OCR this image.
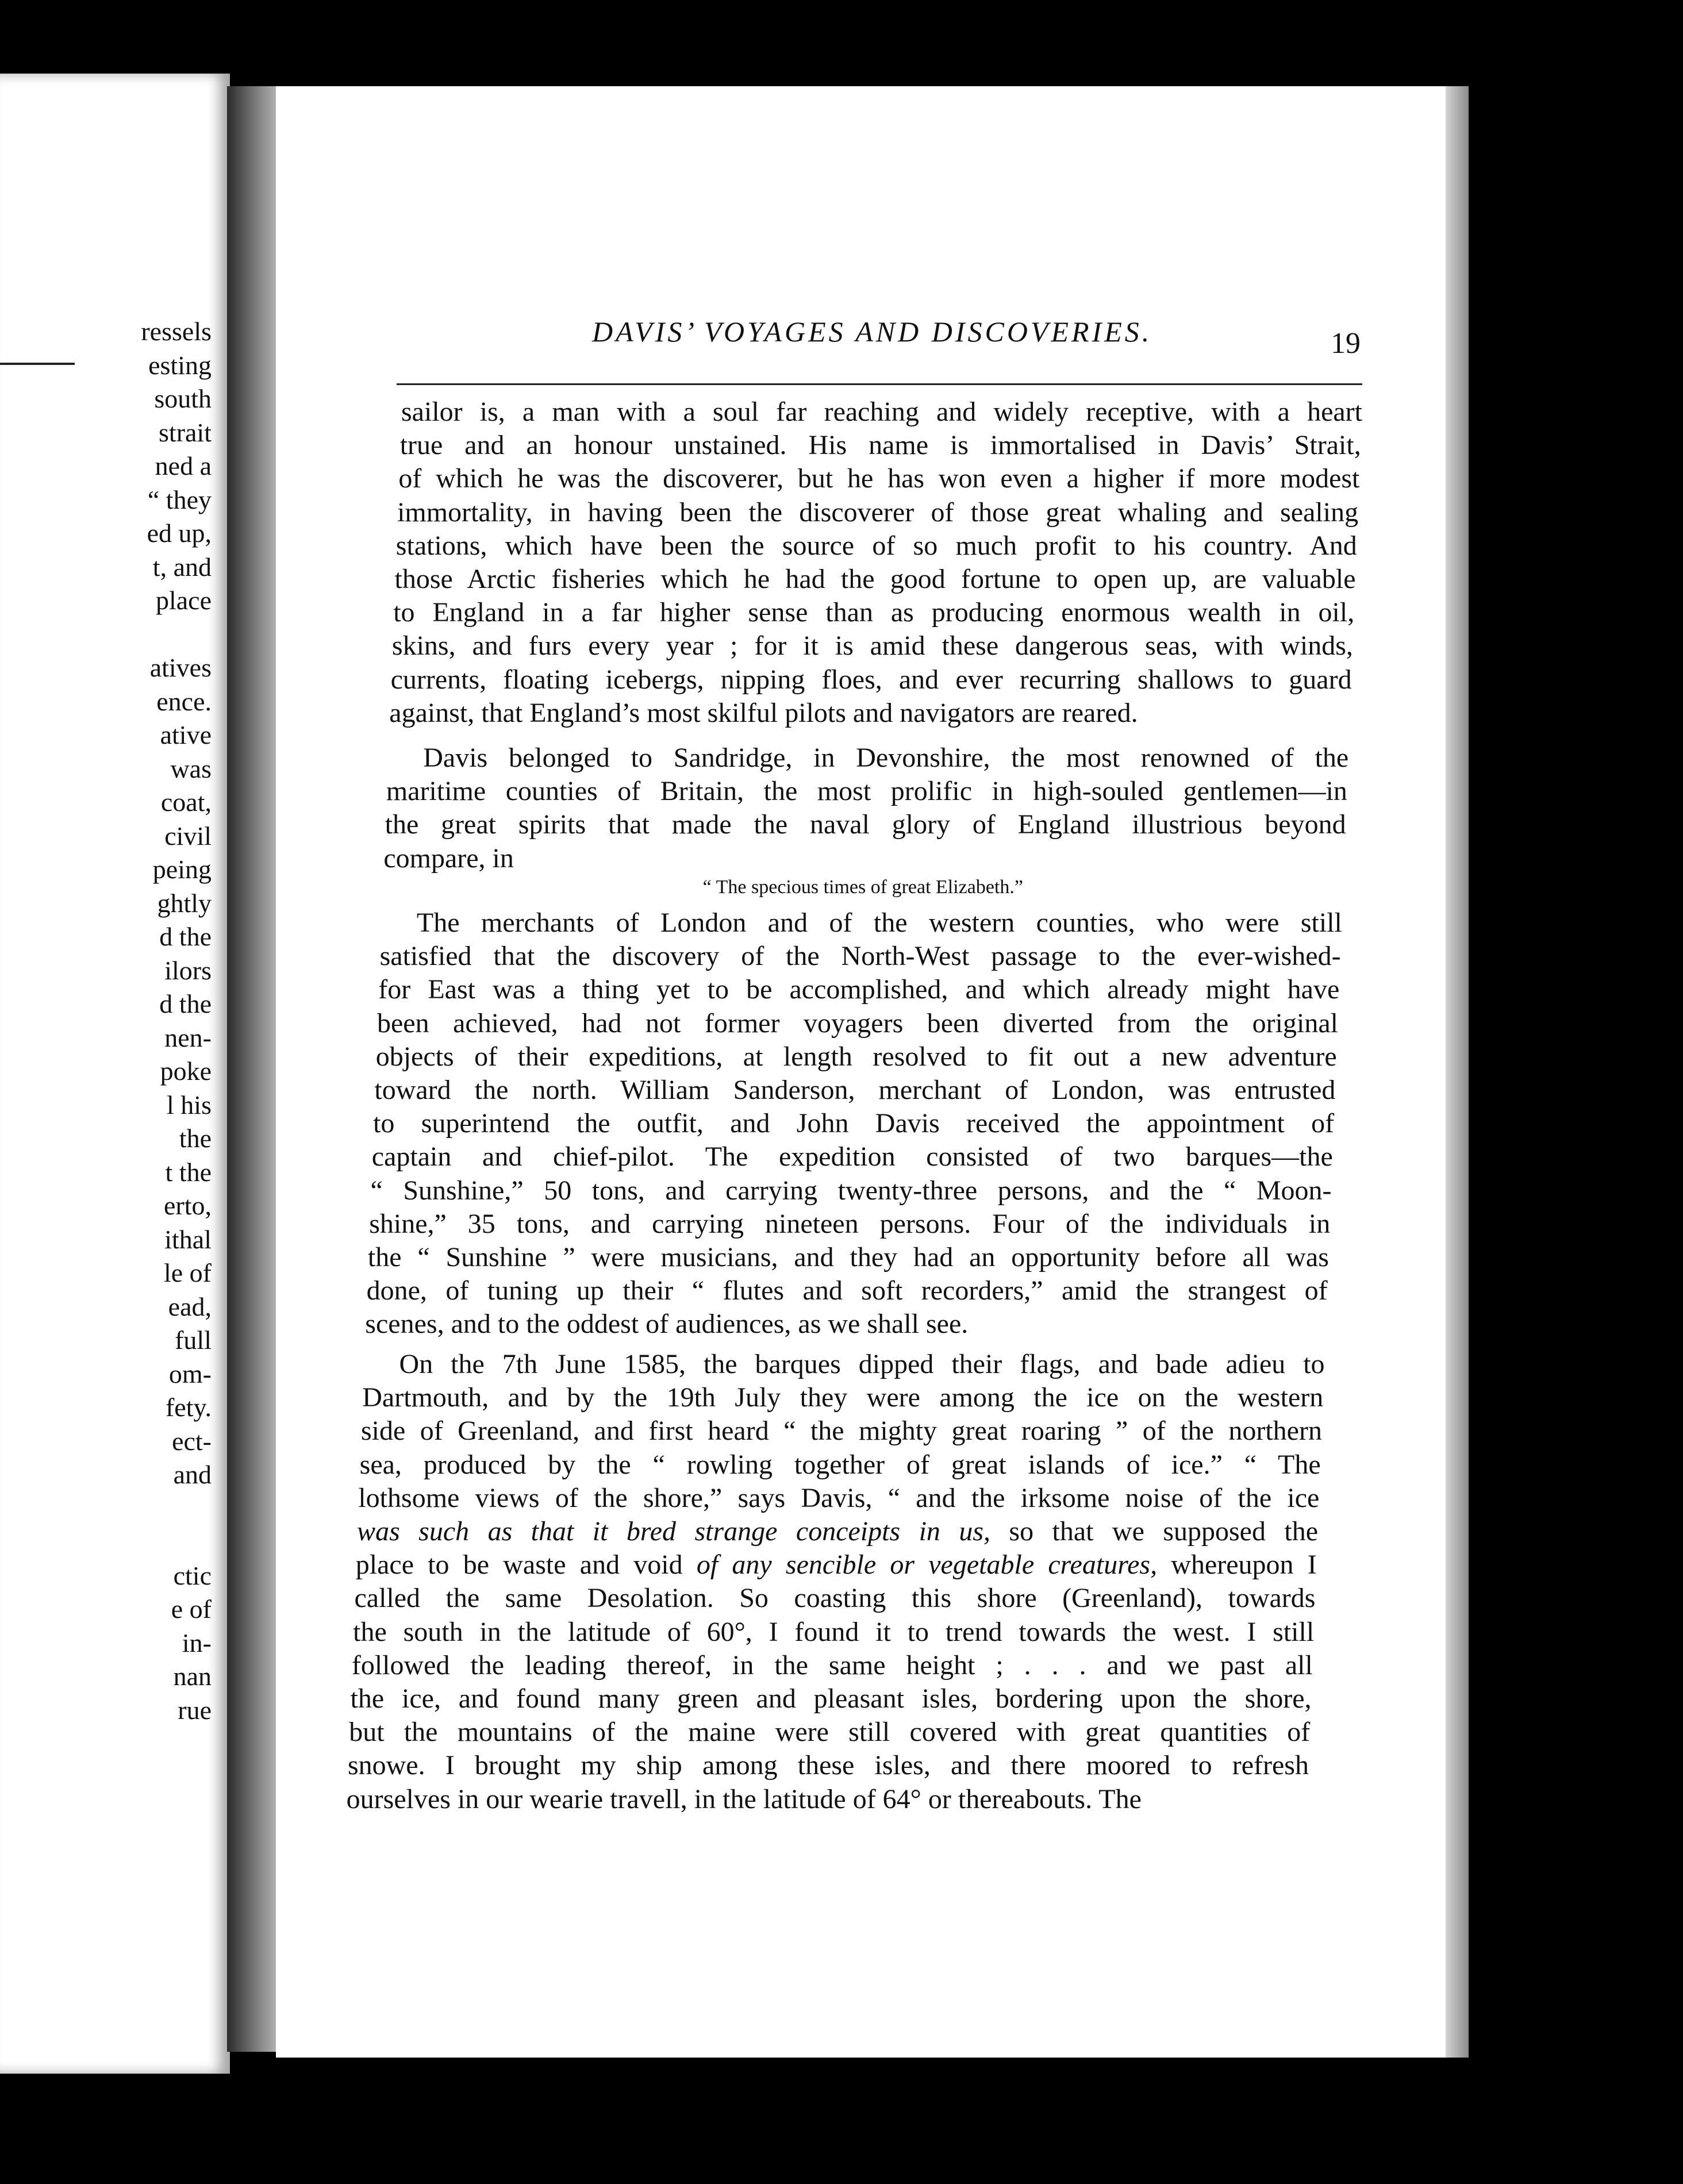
ressels
esting
south
strait
ned a
“ they
ed up,
t, and
place
atives
ence.
ative
was
coat,
civil
peing
ghtly
d the
ilors
d the
nen-
poke
l his
the
t the
erto,
ithal
le of
ead,
full
om-
fety.
ect-
and
ctic
e of
in-
nan
rue
DAVIS’ VOYAGES AND DISCOVERIES.	19
sailor is, a man with a soul far reaching and widely receptive, with a heart
true and an honour unstained. His name is immortalised in Davis’ Strait,
of which he was the discoverer, but he has won even a higher if more modest
immortality, in having been the discoverer of those great whaling and sealing
stations, which have been the source of so much profit to his country. And
those Arctic fisheries which he had the good fortune to open up, are valuable
to England in a far higher sense than as producing enormous wealth in oil,
skins, and furs every year ; for it is amid these dangerous seas, with winds,
currents, floating icebergs, nipping floes, and ever recurring shallows to guard
against, that England’s most skilful pilots and navigators are reared.
Davis belonged to Sandridge, in Devonshire, the most renowned of the
maritime counties of Britain, the most prolific in high-souled gentlemen—in
the great spirits that made the naval glory of England illustrious beyond
compare, in
“ The specious times of great Elizabeth.”
The merchants of London and of the western counties, who were still
satisfied that the discovery of the North-West passage to the ever-wished-
for East was a thing yet to be accomplished, and which already might have
been achieved, had not former voyagers been diverted from the original
objects of their expeditions, at length resolved to fit out a new adventure
toward the north. William Sanderson, merchant of London, was entrusted
to superintend the outfit, and John Davis received the appointment of
captain and chief-pilot. The expedition consisted of two barques—the
“ Sunshine,” 50 tons, and carrying twenty-three persons, and the “ Moon-
shine,” 35 tons, and carrying nineteen persons. Four of the individuals in
the “ Sunshine ” were musicians, and they had an opportunity before all was
done, of tuning up their “ flutes and soft recorders,” amid the strangest of
scenes, and to the oddest of audiences, as we shall see.
On the 7th June 1585, the barques dipped their flags, and bade adieu to
Dartmouth, and by the 19th July they were among the ice on the western
side of Greenland, and first heard “ the mighty great roaring ” of the northern
sea, produced by the “ rowling together of great islands of ice.” “ The
lothsome views of the shore,” says Davis, “ and the irksome noise of the ice
was such as that it bred strange conceipts in us, so that we supposed the
place to be waste and void of any sencible or vegetable creatures, whereupon I
called the same Desolation. So coasting this shore (Greenland), towards
the south in the latitude of 60°, I found it to trend towards the west. I still
followed the leading thereof, in the same height ; . . . and we past all
the ice, and found many green and pleasant isles, bordering upon the shore,
but the mountains of the maine were still covered with great quantities of
snowe. I brought my ship among these isles, and there moored to refresh
ourselves in our wearie travell, in the latitude of 64° or thereabouts. The
